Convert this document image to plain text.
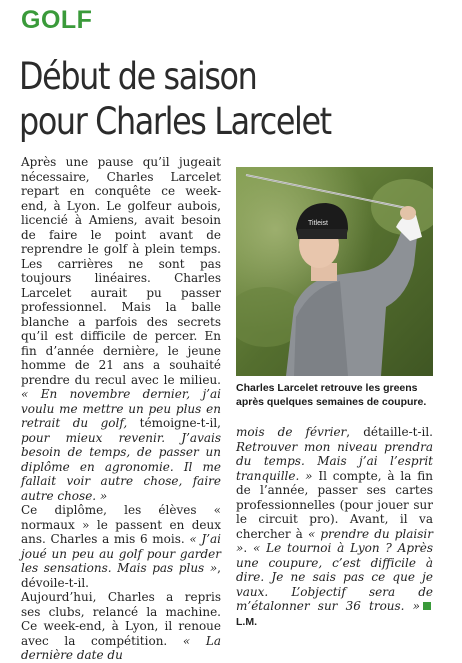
GOLF
Début de saison
pour Charles Larcelet

Après une pause qu’il jugeait nécessaire, Charles Larcelet repart en conquête ce week-end, à Lyon. Le golfeur aubois, licencié à Amiens, avait besoin de faire le point avant de reprendre le golf à plein temps. Les carrières ne sont pas toujours linéaires. Charles Larcelet aurait pu passer professionnel. Mais la balle blanche a parfois des secrets qu’il est difficile de percer. En fin d’année dernière, le jeune homme de 21 ans a souhaité prendre du recul avec le milieu. « En novembre dernier, j’ai voulu me mettre un peu plus en retrait du golf, témoigne-t-il, pour mieux revenir. J’avais besoin de temps, de passer un diplôme en agronomie. Il me fallait voir autre chose, faire autre chose. »

Ce diplôme, les élèves « normaux » le passent en deux ans. Charles a mis 6 mois. « J’ai joué un peu au golf pour garder les sensations. Mais pas plus », dévoile-t-il.

Aujourd’hui, Charles a repris ses clubs, relancé la machine. Ce week-end, à Lyon, il renoue avec la compétition. « La dernière date du

Titleist
Charles Larcelet retrouve les greens après quelques semaines de coupure.

mois de février, détaille-t-il. Retrouver mon niveau prendra du temps. Mais j’ai l’esprit tranquille. » Il compte, à la fin de l’année, passer ses cartes professionnelles (pour jouer sur le circuit pro). Avant, il va chercher à « prendre du plaisir ». « Le tournoi à Lyon ? Après une coupure, c’est difficile à dire. Je ne sais pas ce que je vaux. L’objectif sera de m’étalonner sur 36 trous. »L.M.
